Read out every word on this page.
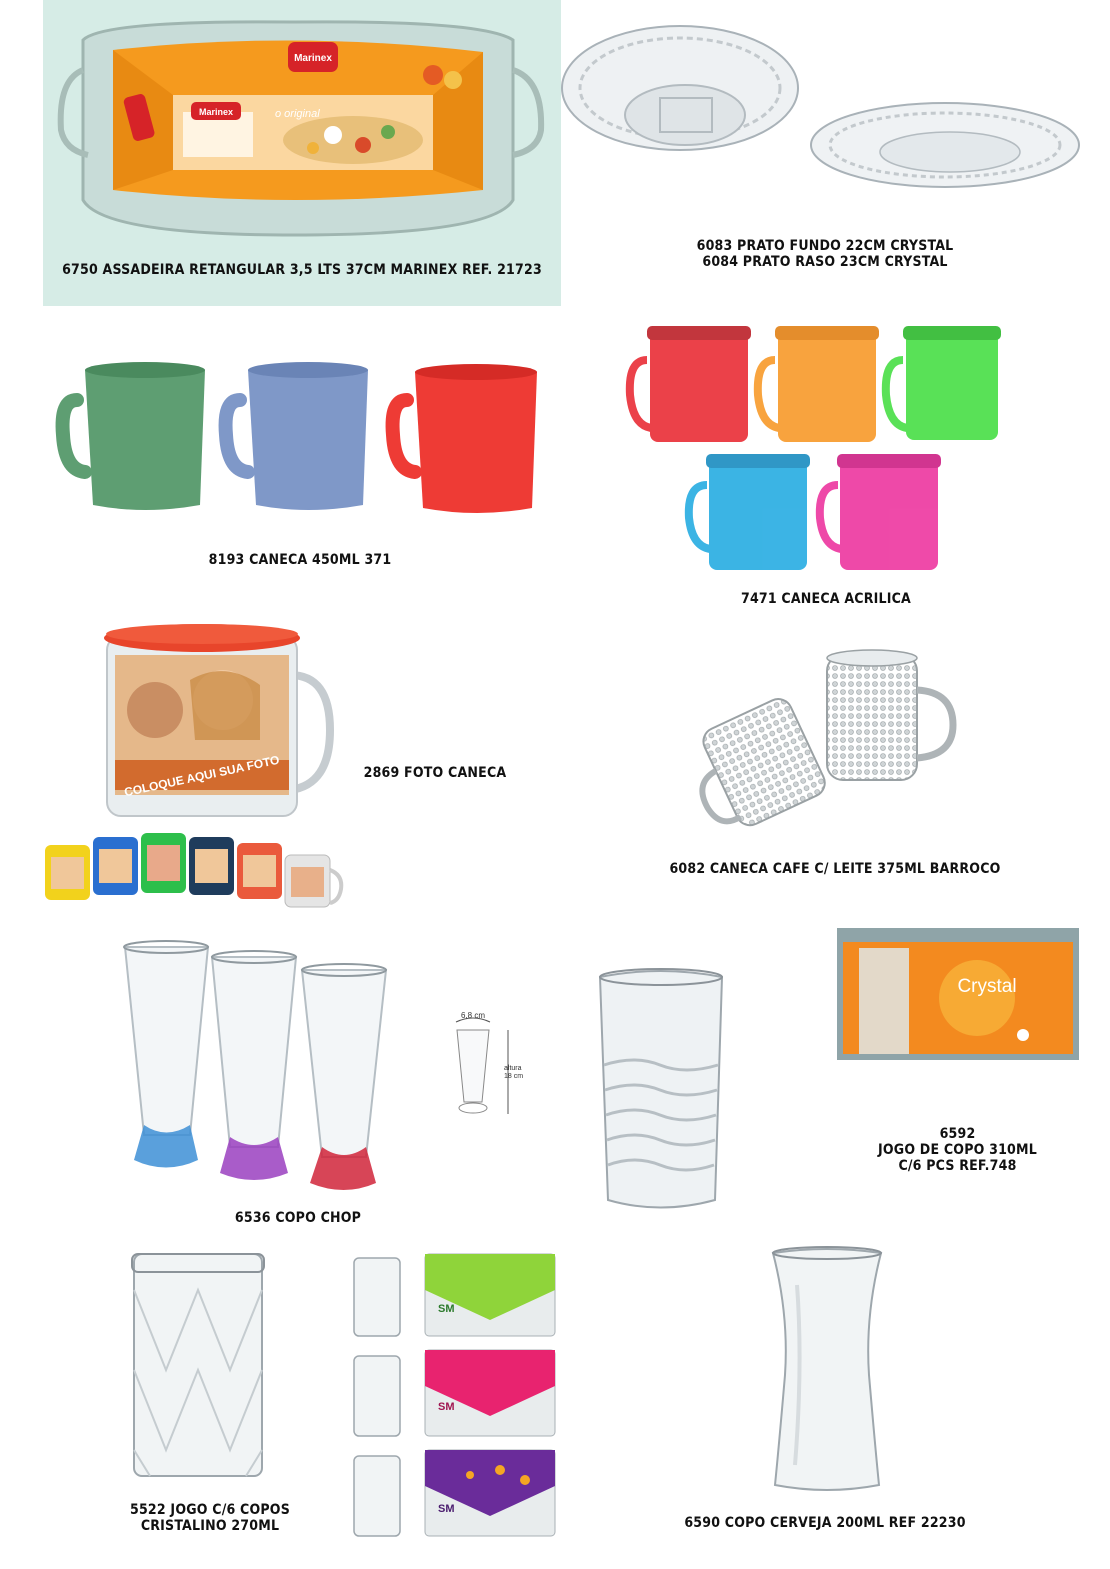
Marinex
Marinex	o original
6750 ASSADEIRA RETANGULAR 3,5 LTS 37CM MARINEX REF. 21723
6083 PRATO FUNDO 22CM CRYSTAL
6084 PRATO RASO 23CM CRYSTAL
8193 CANECA 450ML 371
7471 CANECA ACRILICA
COLOQUE AQUI SUA FOTO	2869 FOTO CANECA
6082 CANECA CAFE C/ LEITE 375ML BARROCO
6536 COPO CHOP
6,8 cm
altura
18 cm
Crystal
6592
JOGO DE COPO 310ML
C/6 PCS REF.748
SM
SM
SM
5522 JOGO C/6 COPOS
CRISTALINO 270ML	6590 COPO CERVEJA 200ML REF 22230
